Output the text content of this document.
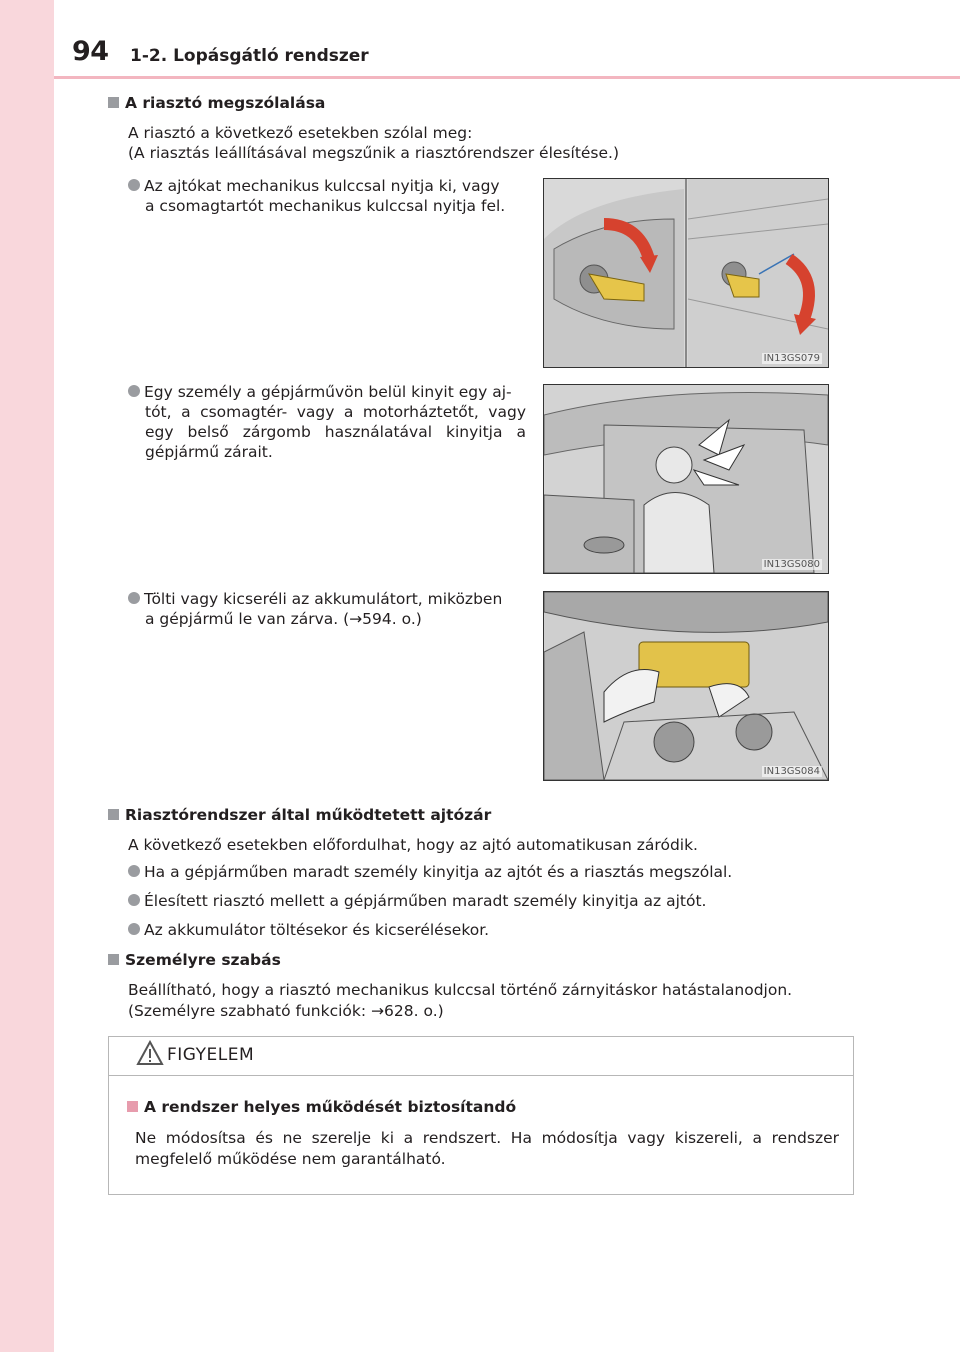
94 1-2. Lopásgátló rendszer
A riasztó megszólalása
A riasztó a következő esetekben szólal meg:
(A riasztás leállításával megszűnik a riasztórendszer élesítése.)
Az ajtókat mechanikus kulccsal nyitja ki, vagy
a csomagtartót mechanikus kulccsal nyitja fel.
IN13GS079
Egy személy a gépjárművön belül kinyit egy aj-
tót, a csomagtér- vagy a motorháztetőt, vagy
egy belső zárgomb használatával kinyitja a
gépjármű zárait.
IN13GS080
Tölti vagy kicseréli az akkumulátort, miközben
a gépjármű le van zárva. (→594. o.)
IN13GS084
Riasztórendszer által működtetett ajtózár
A következő esetekben előfordulhat, hogy az ajtó automatikusan záródik.
Ha a gépjárműben maradt személy kinyitja az ajtót és a riasztás megszólal.
Élesített riasztó mellett a gépjárműben maradt személy kinyitja az ajtót.
Az akkumulátor töltésekor és kicserélésekor.
Személyre szabás
Beállítható, hogy a riasztó mechanikus kulccsal történő zárnyitáskor hatástalanodjon.
(Személyre szabható funkciók: →628. o.)
FIGYELEM
A rendszer helyes működését biztosítandó
Ne módosítsa és ne szerelje ki a rendszert. Ha módosítja vagy kiszereli, a rendszer
megfelelő működése nem garantálható.
